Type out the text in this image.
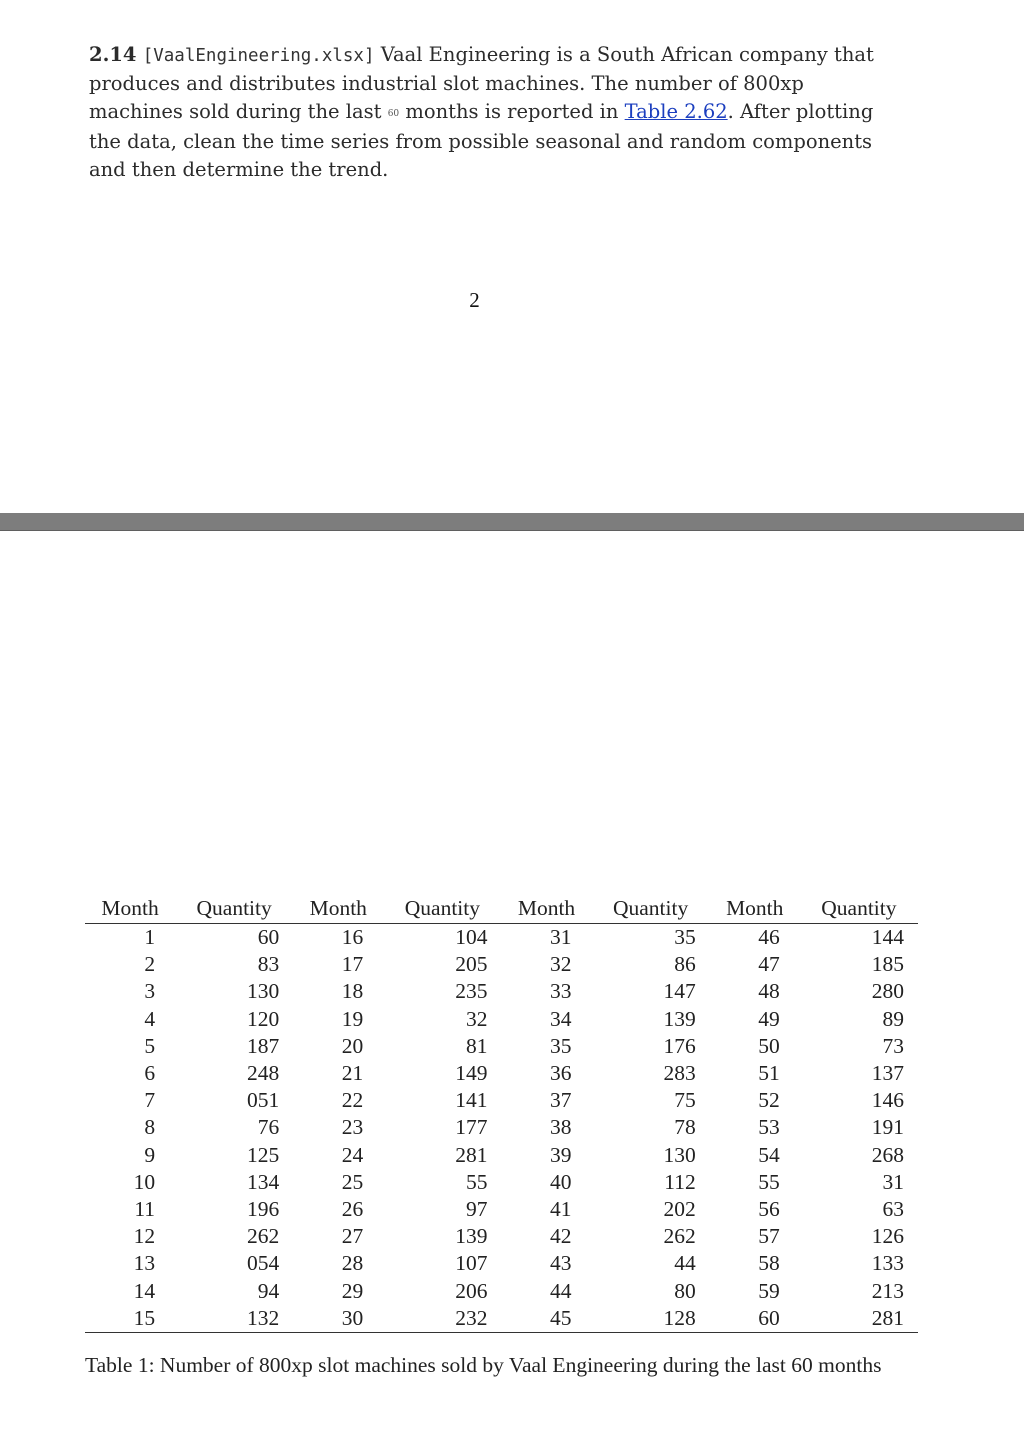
2.14 [VaalEngineering.xlsx] Vaal Engineering is a South African company that produces and distributes industrial slot machines. The number of 800xp machines sold during the last 60 months is reported in Table 2.62. After plotting the data, clean the time series from possible seasonal and random components and then determine the trend.
2
Month	Quantity	Month	Quantity	Month	Quantity	Month	Quantity
1	60	16	104	31	35	46	144
2	83	17	205	32	86	47	185
3	130	18	235	33	147	48	280
4	120	19	32	34	139	49	89
5	187	20	81	35	176	50	73
6	248	21	149	36	283	51	137
7	051	22	141	37	75	52	146
8	76	23	177	38	78	53	191
9	125	24	281	39	130	54	268
10	134	25	55	40	112	55	31
11	196	26	97	41	202	56	63
12	262	27	139	42	262	57	126
13	054	28	107	43	44	58	133
14	94	29	206	44	80	59	213
15	132	30	232	45	128	60	281
Table 1: Number of 800xp slot machines sold by Vaal Engineering during the last 60 months
